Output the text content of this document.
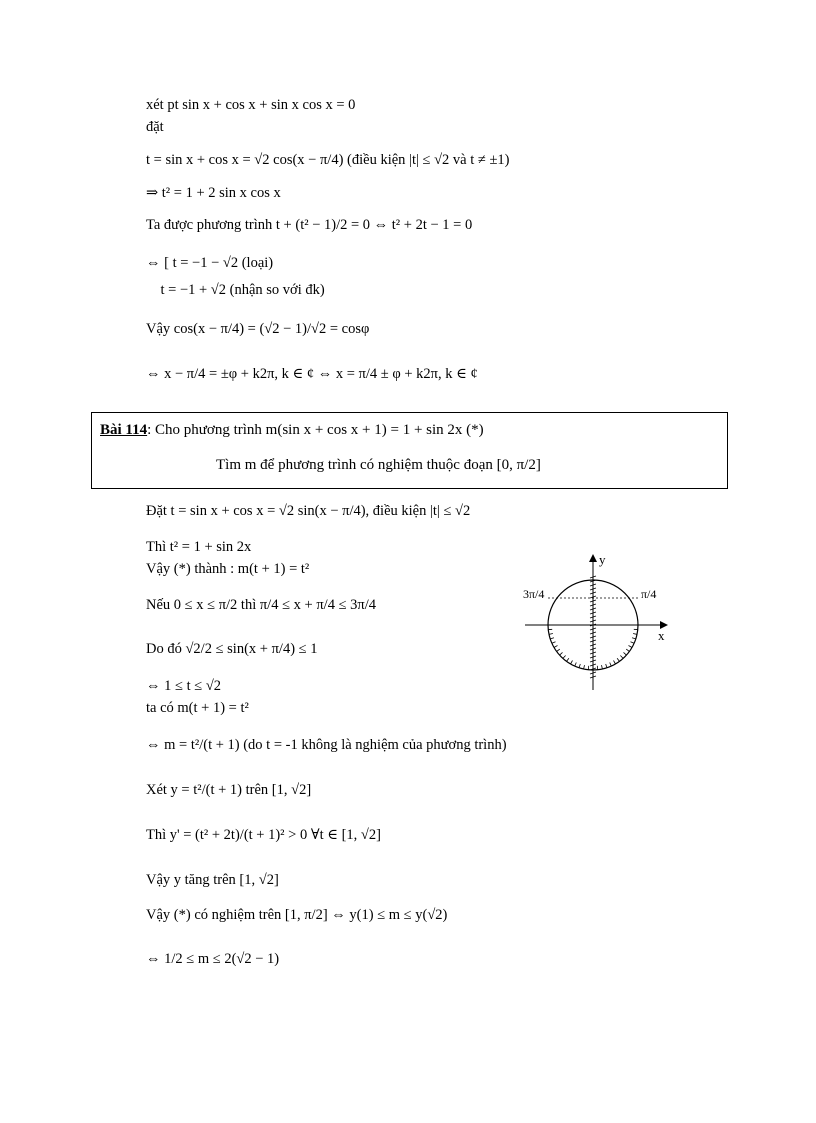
xét pt sin x + cos x + sin x cos x = 0
đặt
t = sin x + cos x = √2 cos(x − π/4) (điều kiện |t| ≤ √2 và t ≠ ±1)
⇒ t² = 1 + 2 sin x cos x
Ta được phương trình t + (t² − 1)/2 = 0 ⇔ t² + 2t − 1 = 0
⇔ [ t = −1 − √2 (loại)
t = −1 + √2 (nhận so với đk)
Vậy cos(x − π/4) = (√2 − 1)/√2 = cosφ
⇔ x − π/4 = ±φ + k2π, k ∈ ¢ ⇔ x = π/4 ± φ + k2π, k ∈ ¢
Bài 114: Cho phương trình m(sin x + cos x + 1) = 1 + sin 2x (*)
Tìm m để phương trình có nghiệm thuộc đoạn [0, π/2]
Đặt t = sin x + cos x = √2 sin(x − π/4), điều kiện |t| ≤ √2
Thì t² = 1 + sin 2x
Vậy (*) thành : m(t + 1) = t²
Nếu 0 ≤ x ≤ π/2 thì π/4 ≤ x + π/4 ≤ 3π/4
Do đó √2/2 ≤ sin(x + π/4) ≤ 1
⇔ 1 ≤ t ≤ √2
ta có m(t + 1) = t²
⇔ m = t²/(t + 1) (do t = -1 không là nghiệm của phương trình)
Xét y = t²/(t + 1) trên [1, √2]
Thì y' = (t² + 2t)/(t + 1)² > 0 ∀t ∈ [1, √2]
Vậy y tăng trên [1, √2]
Vậy (*) có nghiệm trên [1, π/2] ⇔ y(1) ≤ m ≤ y(√2)
⇔ 1/2 ≤ m ≤ 2(√2 − 1)
y
x
3π/4	π/4
